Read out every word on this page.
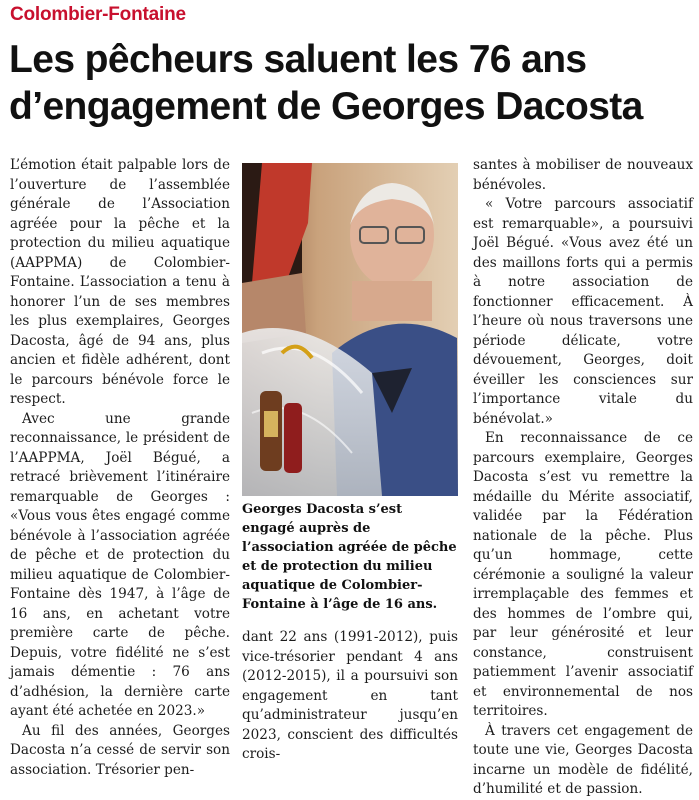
Colombier-Fontaine
Les pêcheurs saluent les 76 ans d’engagement de Georges Dacosta

L’émotion était palpable lors de l’ouverture de l’assemblée générale de l’Association agréée pour la pêche et la protection du milieu aquatique (AAPPMA) de Colombier-Fontaine. L’association a tenu à honorer l’un de ses membres les plus exemplaires, Georges Dacosta, âgé de 94 ans, plus ancien et fidèle adhérent, dont le parcours bénévole force le respect.

Avec une grande reconnaissance, le président de l’AAPPMA, Joël Bégué, a retracé brièvement l’itinéraire remarquable de Georges : «Vous vous êtes engagé comme bénévole à l’association agréée de pêche et de protection du milieu aquatique de Colombier-Fontaine dès 1947, à l’âge de 16 ans, en achetant votre première carte de pêche. Depuis, votre fidélité ne s’est jamais démentie : 76 ans d’adhésion, la dernière carte ayant été achetée en 2023.»

Au fil des années, Georges Dacosta n’a cessé de servir son association. Trésorier pen-

Georges Dacosta s’est engagé auprès de l’association agréée de pêche et de protection du milieu aquatique de Colombier-Fontaine à l’âge de 16 ans.

dant 22 ans (1991-2012), puis vice-trésorier pendant 4 ans (2012-2015), il a poursuivi son engagement en tant qu’administrateur jusqu’en 2023, conscient des difficultés crois-

santes à mobiliser de nouveaux bénévoles.

« Votre parcours associatif est remarquable», a poursuivi Joël Bégué. «Vous avez été un des maillons forts qui a permis à notre association de fonctionner efficacement. À l’heure où nous traversons une période délicate, votre dévouement, Georges, doit éveiller les consciences sur l’importance vitale du bénévolat.»

En reconnaissance de ce parcours exemplaire, Georges Dacosta s’est vu remettre la médaille du Mérite associatif, validée par la Fédération nationale de la pêche. Plus qu’un hommage, cette cérémonie a souligné la valeur irremplaçable des femmes et des hommes de l’ombre qui, par leur générosité et leur constance, construisent patiemment l’avenir associatif et environnemental de nos territoires.

À travers cet engagement de toute une vie, Georges Dacosta incarne un modèle de fidélité, d’humilité et de passion.
